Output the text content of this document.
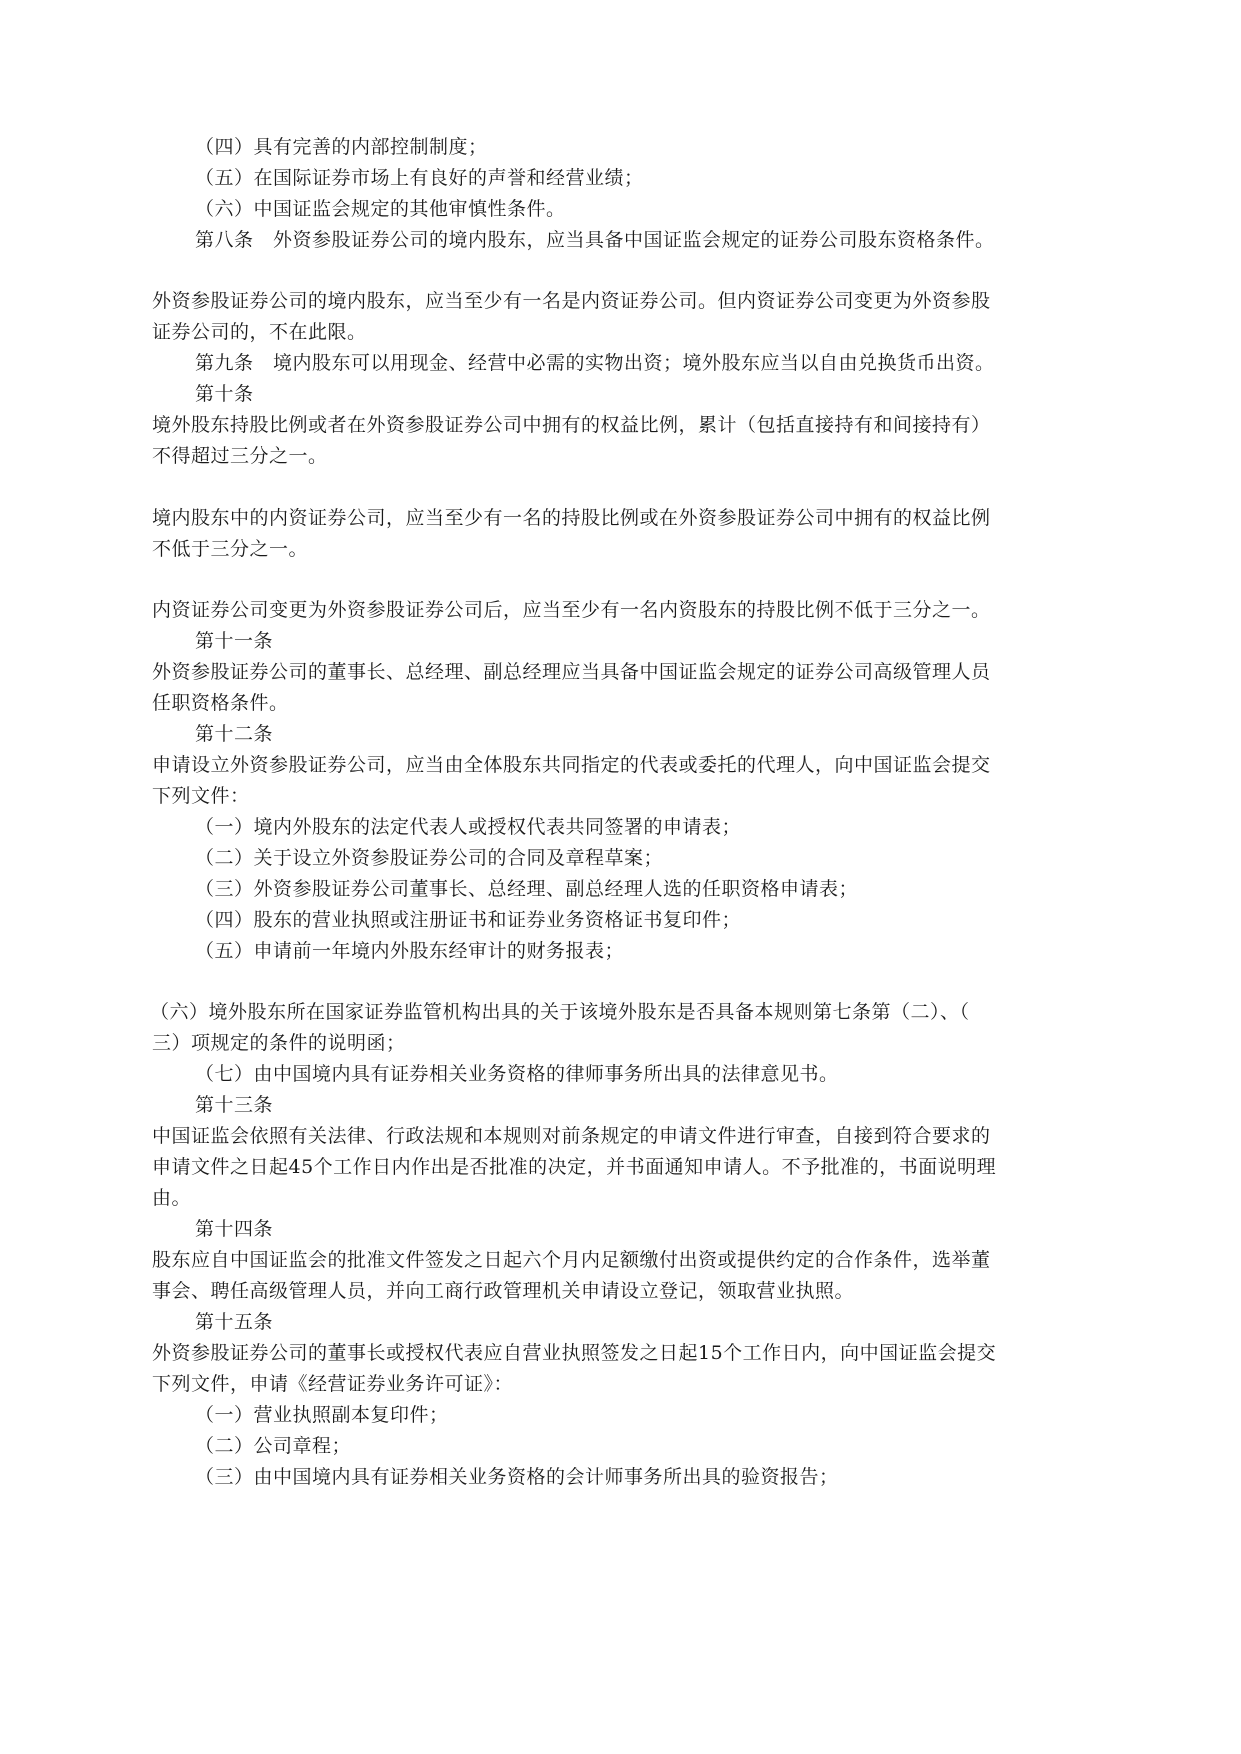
（四）具有完善的内部控制制度；
（五）在国际证券市场上有良好的声誉和经营业绩；
（六）中国证监会规定的其他审慎性条件。
第八条　外资参股证券公司的境内股东，应当具备中国证监会规定的证券公司股东资格条件。
外资参股证券公司的境内股东，应当至少有一名是内资证券公司。但内资证券公司变更为外资参股
证券公司的，不在此限。
第九条　境内股东可以用现金、经营中必需的实物出资；境外股东应当以自由兑换货币出资。
第十条
境外股东持股比例或者在外资参股证券公司中拥有的权益比例，累计（包括直接持有和间接持有）
不得超过三分之一。
境内股东中的内资证券公司，应当至少有一名的持股比例或在外资参股证券公司中拥有的权益比例
不低于三分之一。
内资证券公司变更为外资参股证券公司后，应当至少有一名内资股东的持股比例不低于三分之一。
第十一条
外资参股证券公司的董事长、总经理、副总经理应当具备中国证监会规定的证券公司高级管理人员
任职资格条件。
第十二条
申请设立外资参股证券公司，应当由全体股东共同指定的代表或委托的代理人，向中国证监会提交
下列文件：
（一）境内外股东的法定代表人或授权代表共同签署的申请表；
（二）关于设立外资参股证券公司的合同及章程草案；
（三）外资参股证券公司董事长、总经理、副总经理人选的任职资格申请表；
（四）股东的营业执照或注册证书和证券业务资格证书复印件；
（五）申请前一年境内外股东经审计的财务报表；
（六）境外股东所在国家证券监管机构出具的关于该境外股东是否具备本规则第七条第（二）、（
三）项规定的条件的说明函；
（七）由中国境内具有证券相关业务资格的律师事务所出具的法律意见书。
第十三条
中国证监会依照有关法律、行政法规和本规则对前条规定的申请文件进行审查，自接到符合要求的
申请文件之日起45个工作日内作出是否批准的决定，并书面通知申请人。不予批准的，书面说明理
由。
第十四条
股东应自中国证监会的批准文件签发之日起六个月内足额缴付出资或提供约定的合作条件，选举董
事会、聘任高级管理人员，并向工商行政管理机关申请设立登记，领取营业执照。
第十五条
外资参股证券公司的董事长或授权代表应自营业执照签发之日起15个工作日内，向中国证监会提交
下列文件，申请《经营证券业务许可证》：
（一）营业执照副本复印件；
（二）公司章程；
（三）由中国境内具有证券相关业务资格的会计师事务所出具的验资报告；
